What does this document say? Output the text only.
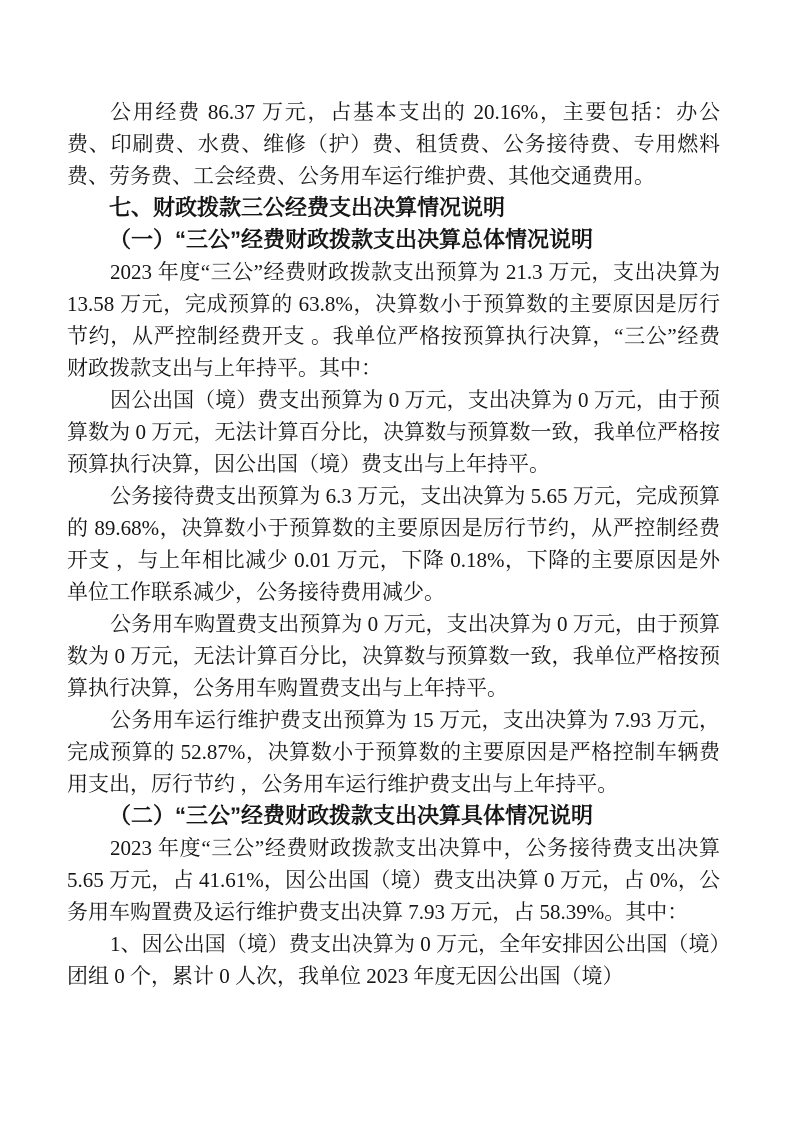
公用经费 86.37 万元，占基本支出的 20.16%，主要包括：办公费、印刷费、水费、维修（护）费、租赁费、公务接待费、专用燃料费、劳务费、工会经费、公务用车运行维护费、其他交通费用。

七、财政拨款三公经费支出决算情况说明

（一）“三公”经费财政拨款支出决算总体情况说明

2023 年度“三公”经费财政拨款支出预算为 21.3 万元，支出决算为 13.58 万元，完成预算的 63.8%，决算数小于预算数的主要原因是厉行节约，从严控制经费开支 。我单位严格按预算执行决算，“三公”经费财政拨款支出与上年持平。其中：

因公出国（境）费支出预算为 0 万元，支出决算为 0 万元，由于预算数为 0 万元，无法计算百分比，决算数与预算数一致，我单位严格按预算执行决算，因公出国（境）费支出与上年持平。

公务接待费支出预算为 6.3 万元，支出决算为 5.65 万元，完成预算的 89.68%，决算数小于预算数的主要原因是厉行节约，从严控制经费开支 ，与上年相比减少 0.01 万元，下降 0.18%，下降的主要原因是外单位工作联系减少，公务接待费用减少。

公务用车购置费支出预算为 0 万元，支出决算为 0 万元，由于预算数为 0 万元，无法计算百分比，决算数与预算数一致，我单位严格按预算执行决算，公务用车购置费支出与上年持平。

公务用车运行维护费支出预算为 15 万元，支出决算为 7.93 万元，完成预算的 52.87%，决算数小于预算数的主要原因是严格控制车辆费用支出，厉行节约 ，公务用车运行维护费支出与上年持平。

（二）“三公”经费财政拨款支出决算具体情况说明

2023 年度“三公”经费财政拨款支出决算中，公务接待费支出决算 5.65 万元，占 41.61%，因公出国（境）费支出决算 0 万元，占 0%，公务用车购置费及运行维护费支出决算 7.93 万元，占 58.39%。其中：

1、因公出国（境）费支出决算为 0 万元，全年安排因公出国（境）团组 0 个，累计 0 人次，我单位 2023 年度无因公出国（境）
